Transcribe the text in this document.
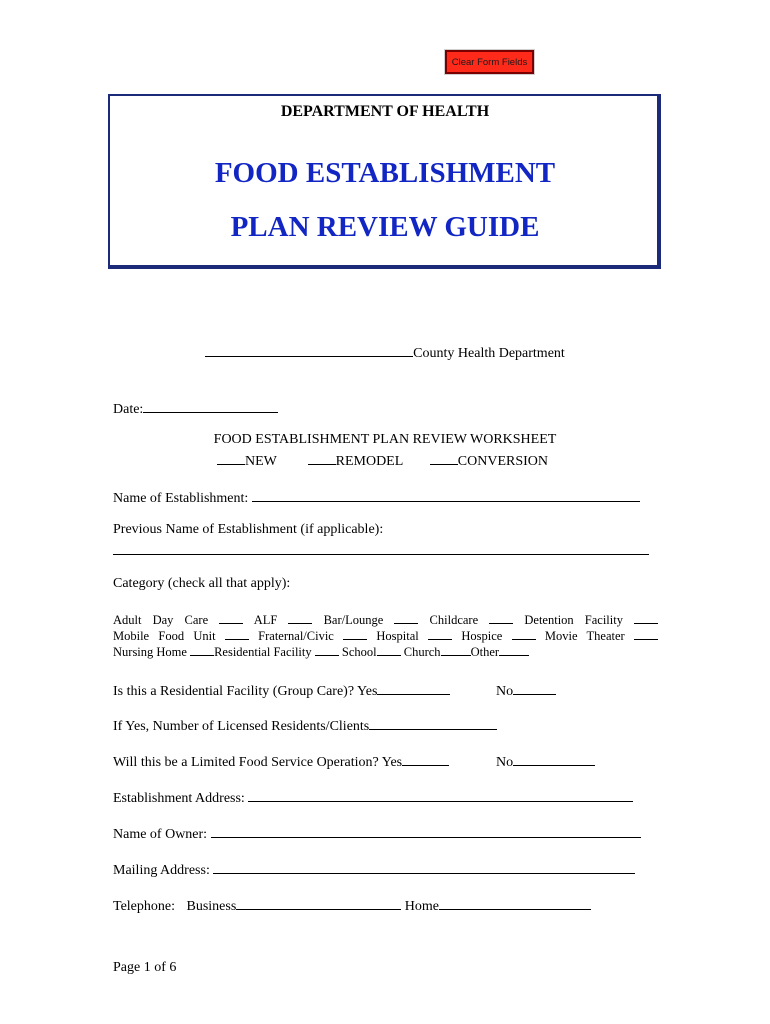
Clear Form Fields
DEPARTMENT OF HEALTH
FOOD ESTABLISHMENT
PLAN REVIEW GUIDE
County Health Department
Date:
FOOD ESTABLISHMENT PLAN REVIEW WORKSHEET
NEW	REMODEL	CONVERSION
Name of Establishment:
Previous Name of Establishment (if applicable):
Category (check all that apply):
Adult Day Care	ALF	Bar/Lounge	Childcare	Detention Facility
Mobile Food Unit	Fraternal/Civic	Hospital	Hospice	Movie Theater
Nursing Home Residential Facility School Church Other
Is this a Residential Facility (Group Care)? Yes	No
If Yes, Number of Licensed Residents/Clients
Will this be a Limited Food Service Operation? Yes	No
Establishment Address:
Name of Owner:
Mailing Address:
Telephone: Business	Home
Page 1 of 6
